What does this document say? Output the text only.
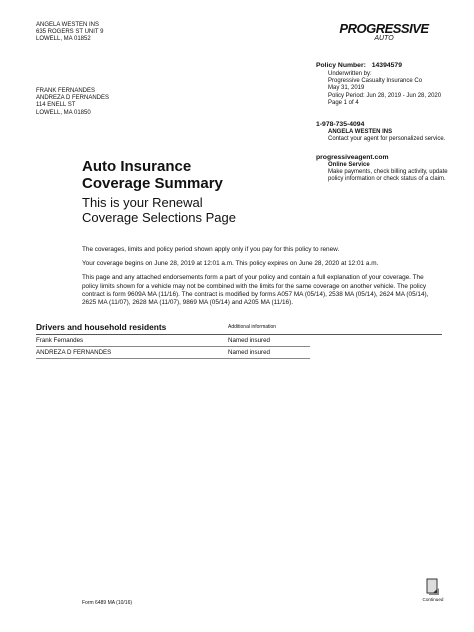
ANGELA WESTEN INS
635 ROGERS ST UNIT 9
LOWELL, MA 01852
PROGRESSIVE
AUTO
FRANK FERNANDES
ANDREZA D FERNANDES
114 ENELL ST
LOWELL, MA 01850
Policy Number: 14394579
Underwritten by:
Progressive Casualty Insurance Co
May 31, 2019
Policy Period: Jun 28, 2019 - Jun 28, 2020
Page 1 of 4
1-978-735-4094
ANGELA WESTEN INS
Contact your agent for personalized service.
progressiveagent.com
Online Service
Make payments, check billing activity, update policy information or check status of a claim.
Auto Insurance
Coverage Summary
This is your Renewal
Coverage Selections Page
The coverages, limits and policy period shown apply only if you pay for this policy to renew.
Your coverage begins on June 28, 2019 at 12:01 a.m. This policy expires on June 28, 2020 at 12:01 a.m.
This page and any attached endorsements form a part of your policy and contain a full explanation of your coverage. The policy limits shown for a vehicle may not be combined with the limits for the same coverage on another vehicle. The policy contract is form 9609A MA (11/16). The contract is modified by forms A057 MA (05/14), 2538 MA (05/14), 2624 MA (05/14), 2625 MA (11/07), 2628 MA (11/07), 9869 MA (05/14) and A205 MA (11/16).
Drivers and household residents	Additional information
Frank Fernandes	Named insured
ANDREZA D FERNANDES	Named insured
Form 6489 MA (10/16)
Continued
